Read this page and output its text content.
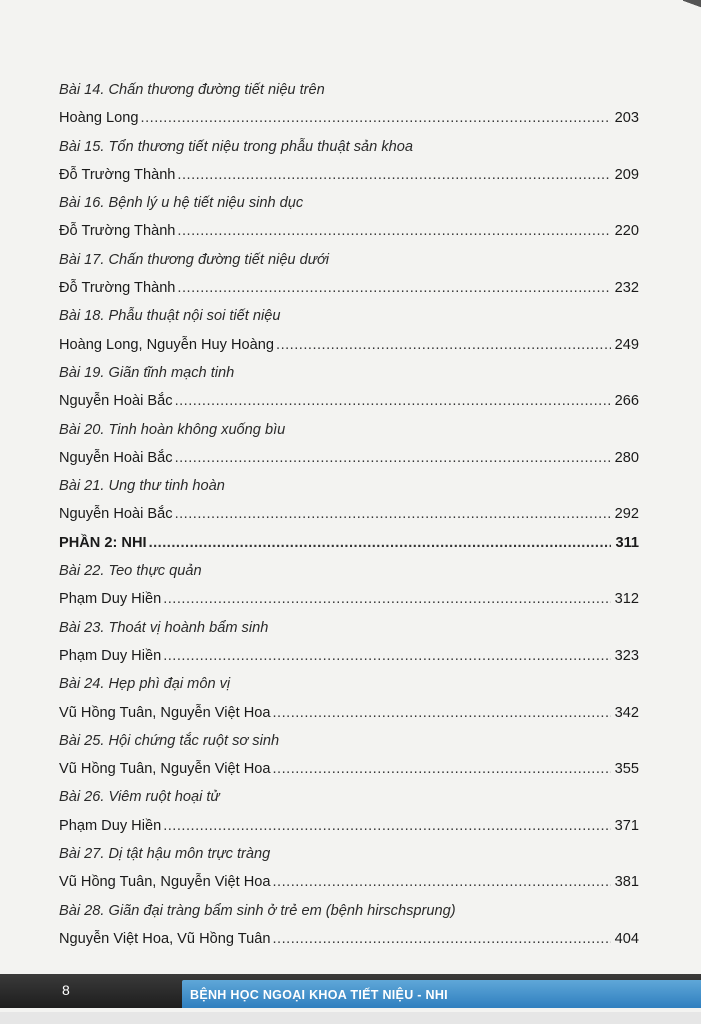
Bài 14. Chấn thương đường tiết niệu trên
Hoàng Long .....	203
Bài 15. Tổn thương tiết niệu trong phẫu thuật sản khoa
Đỗ Trường Thành .....	209
Bài 16. Bệnh lý u hệ tiết niệu sinh dục
Đỗ Trường Thành .....	220
Bài 17. Chấn thương đường tiết niệu dưới
Đỗ Trường Thành .....	232
Bài 18. Phẫu thuật nội soi tiết niệu
Hoàng Long, Nguyễn Huy Hoàng .....	249
Bài 19. Giãn tĩnh mạch tinh
Nguyễn Hoài Bắc .....	266
Bài 20. Tinh hoàn không xuống bìu
Nguyễn Hoài Bắc .....	280
Bài 21. Ung thư tinh hoàn
Nguyễn Hoài Bắc .....	292
PHẦN 2: NHI .....	311
Bài 22. Teo thực quản
Phạm Duy Hiền .....	312
Bài 23. Thoát vị hoành bẩm sinh
Phạm Duy Hiền .....	323
Bài 24. Hẹp phì đại môn vị
Vũ Hồng Tuân, Nguyễn Việt Hoa .....	342
Bài 25. Hội chứng tắc ruột sơ sinh
Vũ Hồng Tuân, Nguyễn Việt Hoa .....	355
Bài 26. Viêm ruột hoại tử
Phạm Duy Hiền .....	371
Bài 27. Dị tật hậu môn trực tràng
Vũ Hồng Tuân, Nguyễn Việt Hoa .....	381
Bài 28. Giãn đại tràng bẩm sinh ở trẻ em (bệnh hirschsprung)
Nguyễn Việt Hoa, Vũ Hồng Tuân .....	404
8	BỆNH HỌC NGOẠI KHOA TIẾT NIỆU - NHI
